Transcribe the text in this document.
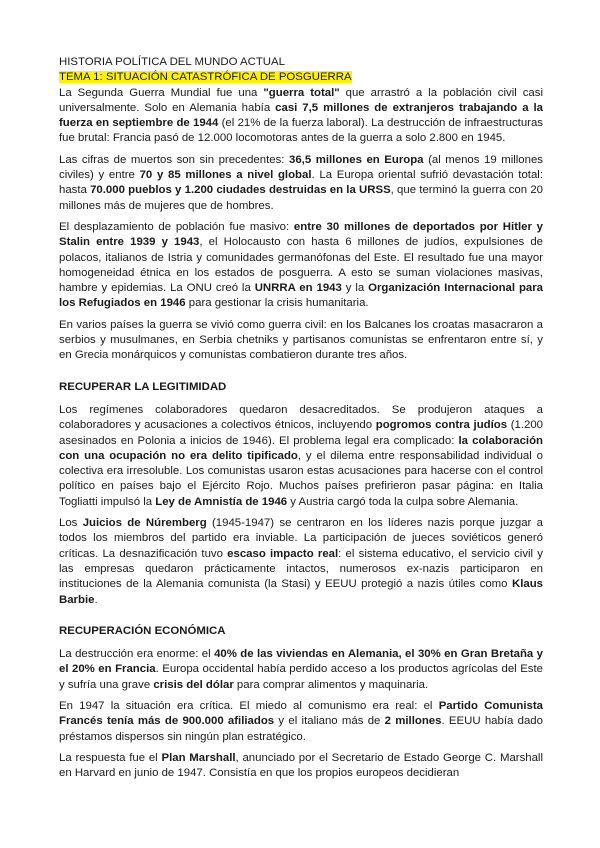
HISTORIA POLÍTICA DEL MUNDO ACTUAL
TEMA 1: SITUACIÓN CATASTRÓFICA DE POSGUERRA

La Segunda Guerra Mundial fue una "guerra total" que arrastró a la población civil casi universalmente. Solo en Alemania había casi 7,5 millones de extranjeros trabajando a la fuerza en septiembre de 1944 (el 21% de la fuerza laboral). La destrucción de infraestructuras fue brutal: Francia pasó de 12.000 locomotoras antes de la guerra a solo 2.800 en 1945.

Las cifras de muertos son sin precedentes: 36,5 millones en Europa (al menos 19 millones civiles) y entre 70 y 85 millones a nivel global. La Europa oriental sufrió devastación total: hasta 70.000 pueblos y 1.200 ciudades destruidas en la URSS, que terminó la guerra con 20 millones más de mujeres que de hombres.

El desplazamiento de población fue masivo: entre 30 millones de deportados por Hitler y Stalin entre 1939 y 1943, el Holocausto con hasta 6 millones de judíos, expulsiones de polacos, italianos de Istria y comunidades germanófonas del Este. El resultado fue una mayor homogeneidad étnica en los estados de posguerra. A esto se suman violaciones masivas, hambre y epidemias. La ONU creó la UNRRA en 1943 y la Organización Internacional para los Refugiados en 1946 para gestionar la crisis humanitaria.

En varios países la guerra se vivió como guerra civil: en los Balcanes los croatas masacraron a serbios y musulmanes, en Serbia chetniks y partisanos comunistas se enfrentaron entre sí, y en Grecia monárquicos y comunistas combatieron durante tres años.

RECUPERAR LA LEGITIMIDAD

Los regímenes colaboradores quedaron desacreditados. Se produjeron ataques a colaboradores y acusaciones a colectivos étnicos, incluyendo pogromos contra judíos (1.200 asesinados en Polonia a inicios de 1946). El problema legal era complicado: la colaboración con una ocupación no era delito tipificado, y el dilema entre responsabilidad individual o colectiva era irresoluble. Los comunistas usaron estas acusaciones para hacerse con el control político en países bajo el Ejército Rojo. Muchos países prefirieron pasar página: en Italia Togliatti impulsó la Ley de Amnistía de 1946 y Austria cargó toda la culpa sobre Alemania.

Los Juicios de Núremberg (1945-1947) se centraron en los líderes nazis porque juzgar a todos los miembros del partido era inviable. La participación de jueces soviéticos generó críticas. La desnazificación tuvo escaso impacto real: el sistema educativo, el servicio civil y las empresas quedaron prácticamente intactos, numerosos ex-nazis participaron en instituciones de la Alemania comunista (la Stasi) y EEUU protegió a nazis útiles como Klaus Barbie.

RECUPERACIÓN ECONÓMICA

La destrucción era enorme: el 40% de las viviendas en Alemania, el 30% en Gran Bretaña y el 20% en Francia. Europa occidental había perdido acceso a los productos agrícolas del Este y sufría una grave crisis del dólar para comprar alimentos y maquinaria.

En 1947 la situación era crítica. El miedo al comunismo era real: el Partido Comunista Francés tenía más de 900.000 afiliados y el italiano más de 2 millones. EEUU había dado préstamos dispersos sin ningún plan estratégico.

La respuesta fue el Plan Marshall, anunciado por el Secretario de Estado George C. Marshall en Harvard en junio de 1947. Consistía en que los propios europeos decidieran
